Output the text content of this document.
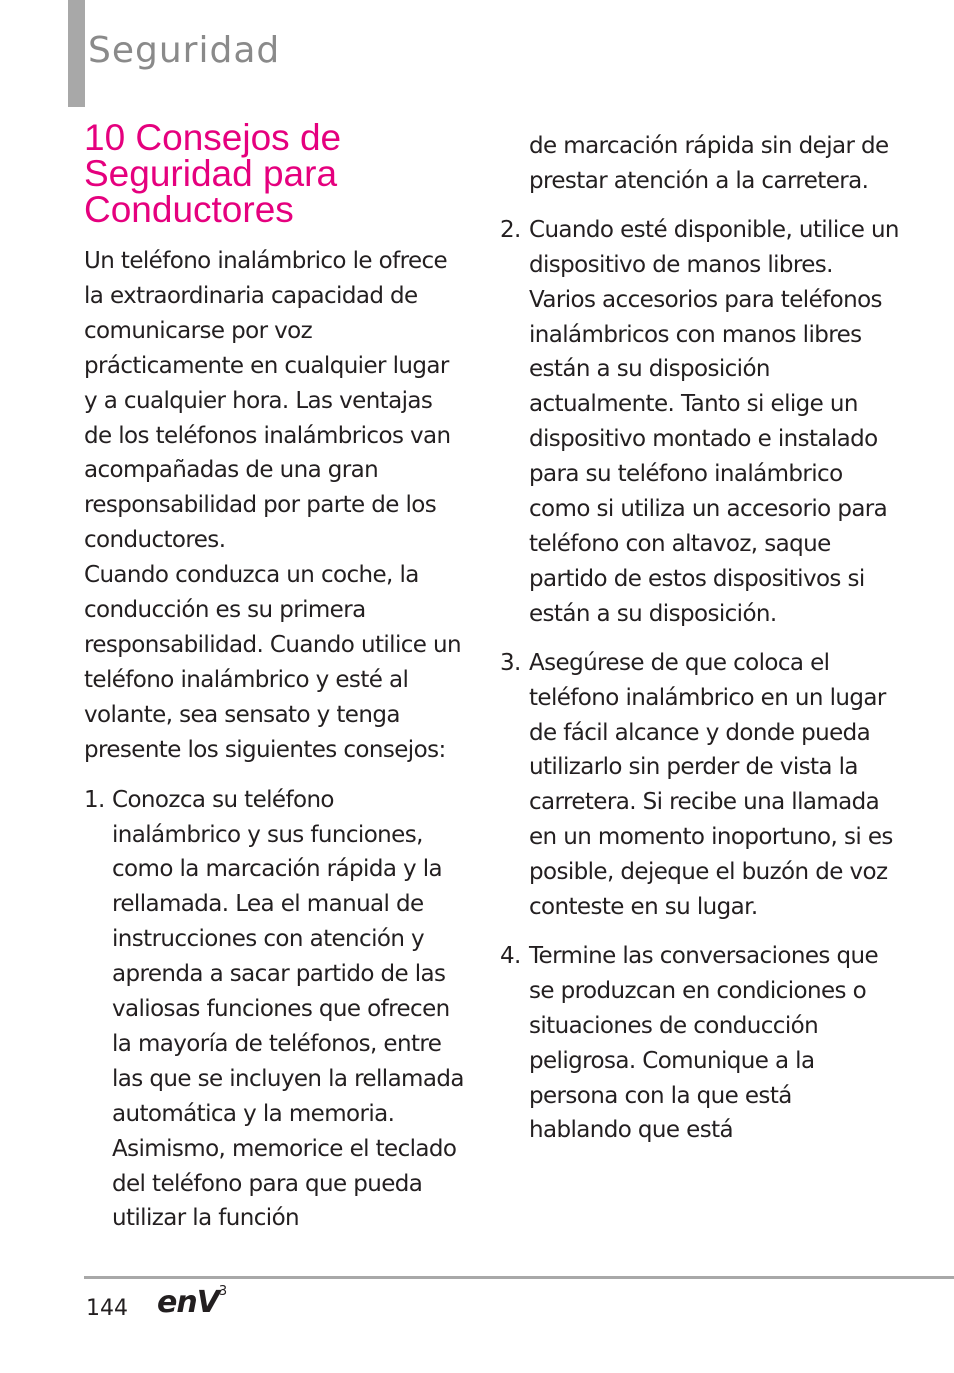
Seguridad
10 Consejos de Seguridad para Conductores

Un teléfono inalámbrico le ofrece la extraordinaria capacidad de comunicarse por voz prácticamente en cualquier lugar y a cualquier hora. Las ventajas de los teléfonos inalámbricos van acompañadas de una gran responsabilidad por parte de los conductores.

Cuando conduzca un coche, la conducción es su primera responsabilidad. Cuando utilice un teléfono inalámbrico y esté al volante, sea sensato y tenga presente los siguientes consejos:

1. Conozca su teléfono inalámbrico y sus funciones, como la marcación rápida y la rellamada. Lea el manual de instrucciones con atención y aprenda a sacar partido de las valiosas funciones que ofrecen la mayoría de teléfonos, entre las que se incluyen la rellamada automática y la memoria. Asimismo, memorice el teclado del teléfono para que pueda utilizar la función
de marcación rápida sin dejar de prestar atención a la carretera.
2. Cuando esté disponible, utilice un dispositivo de manos libres. Varios accesorios para teléfonos inalámbricos con manos libres están a su disposición actualmente. Tanto si elige un dispositivo montado e instalado para su teléfono inalámbrico como si utiliza un accesorio para teléfono con altavoz, saque partido de estos dispositivos si están a su disposición.
3. Asegúrese de que coloca el teléfono inalámbrico en un lugar de fácil alcance y donde pueda utilizarlo sin perder de vista la carretera. Si recibe una llamada en un momento inoportuno, si es posible, dejeque el buzón de voz conteste en su lugar.
4. Termine las conversaciones que se produzcan en condiciones o situaciones de conducción peligrosa. Comunique a la persona con la que está hablando que está
144 enV$^3$
